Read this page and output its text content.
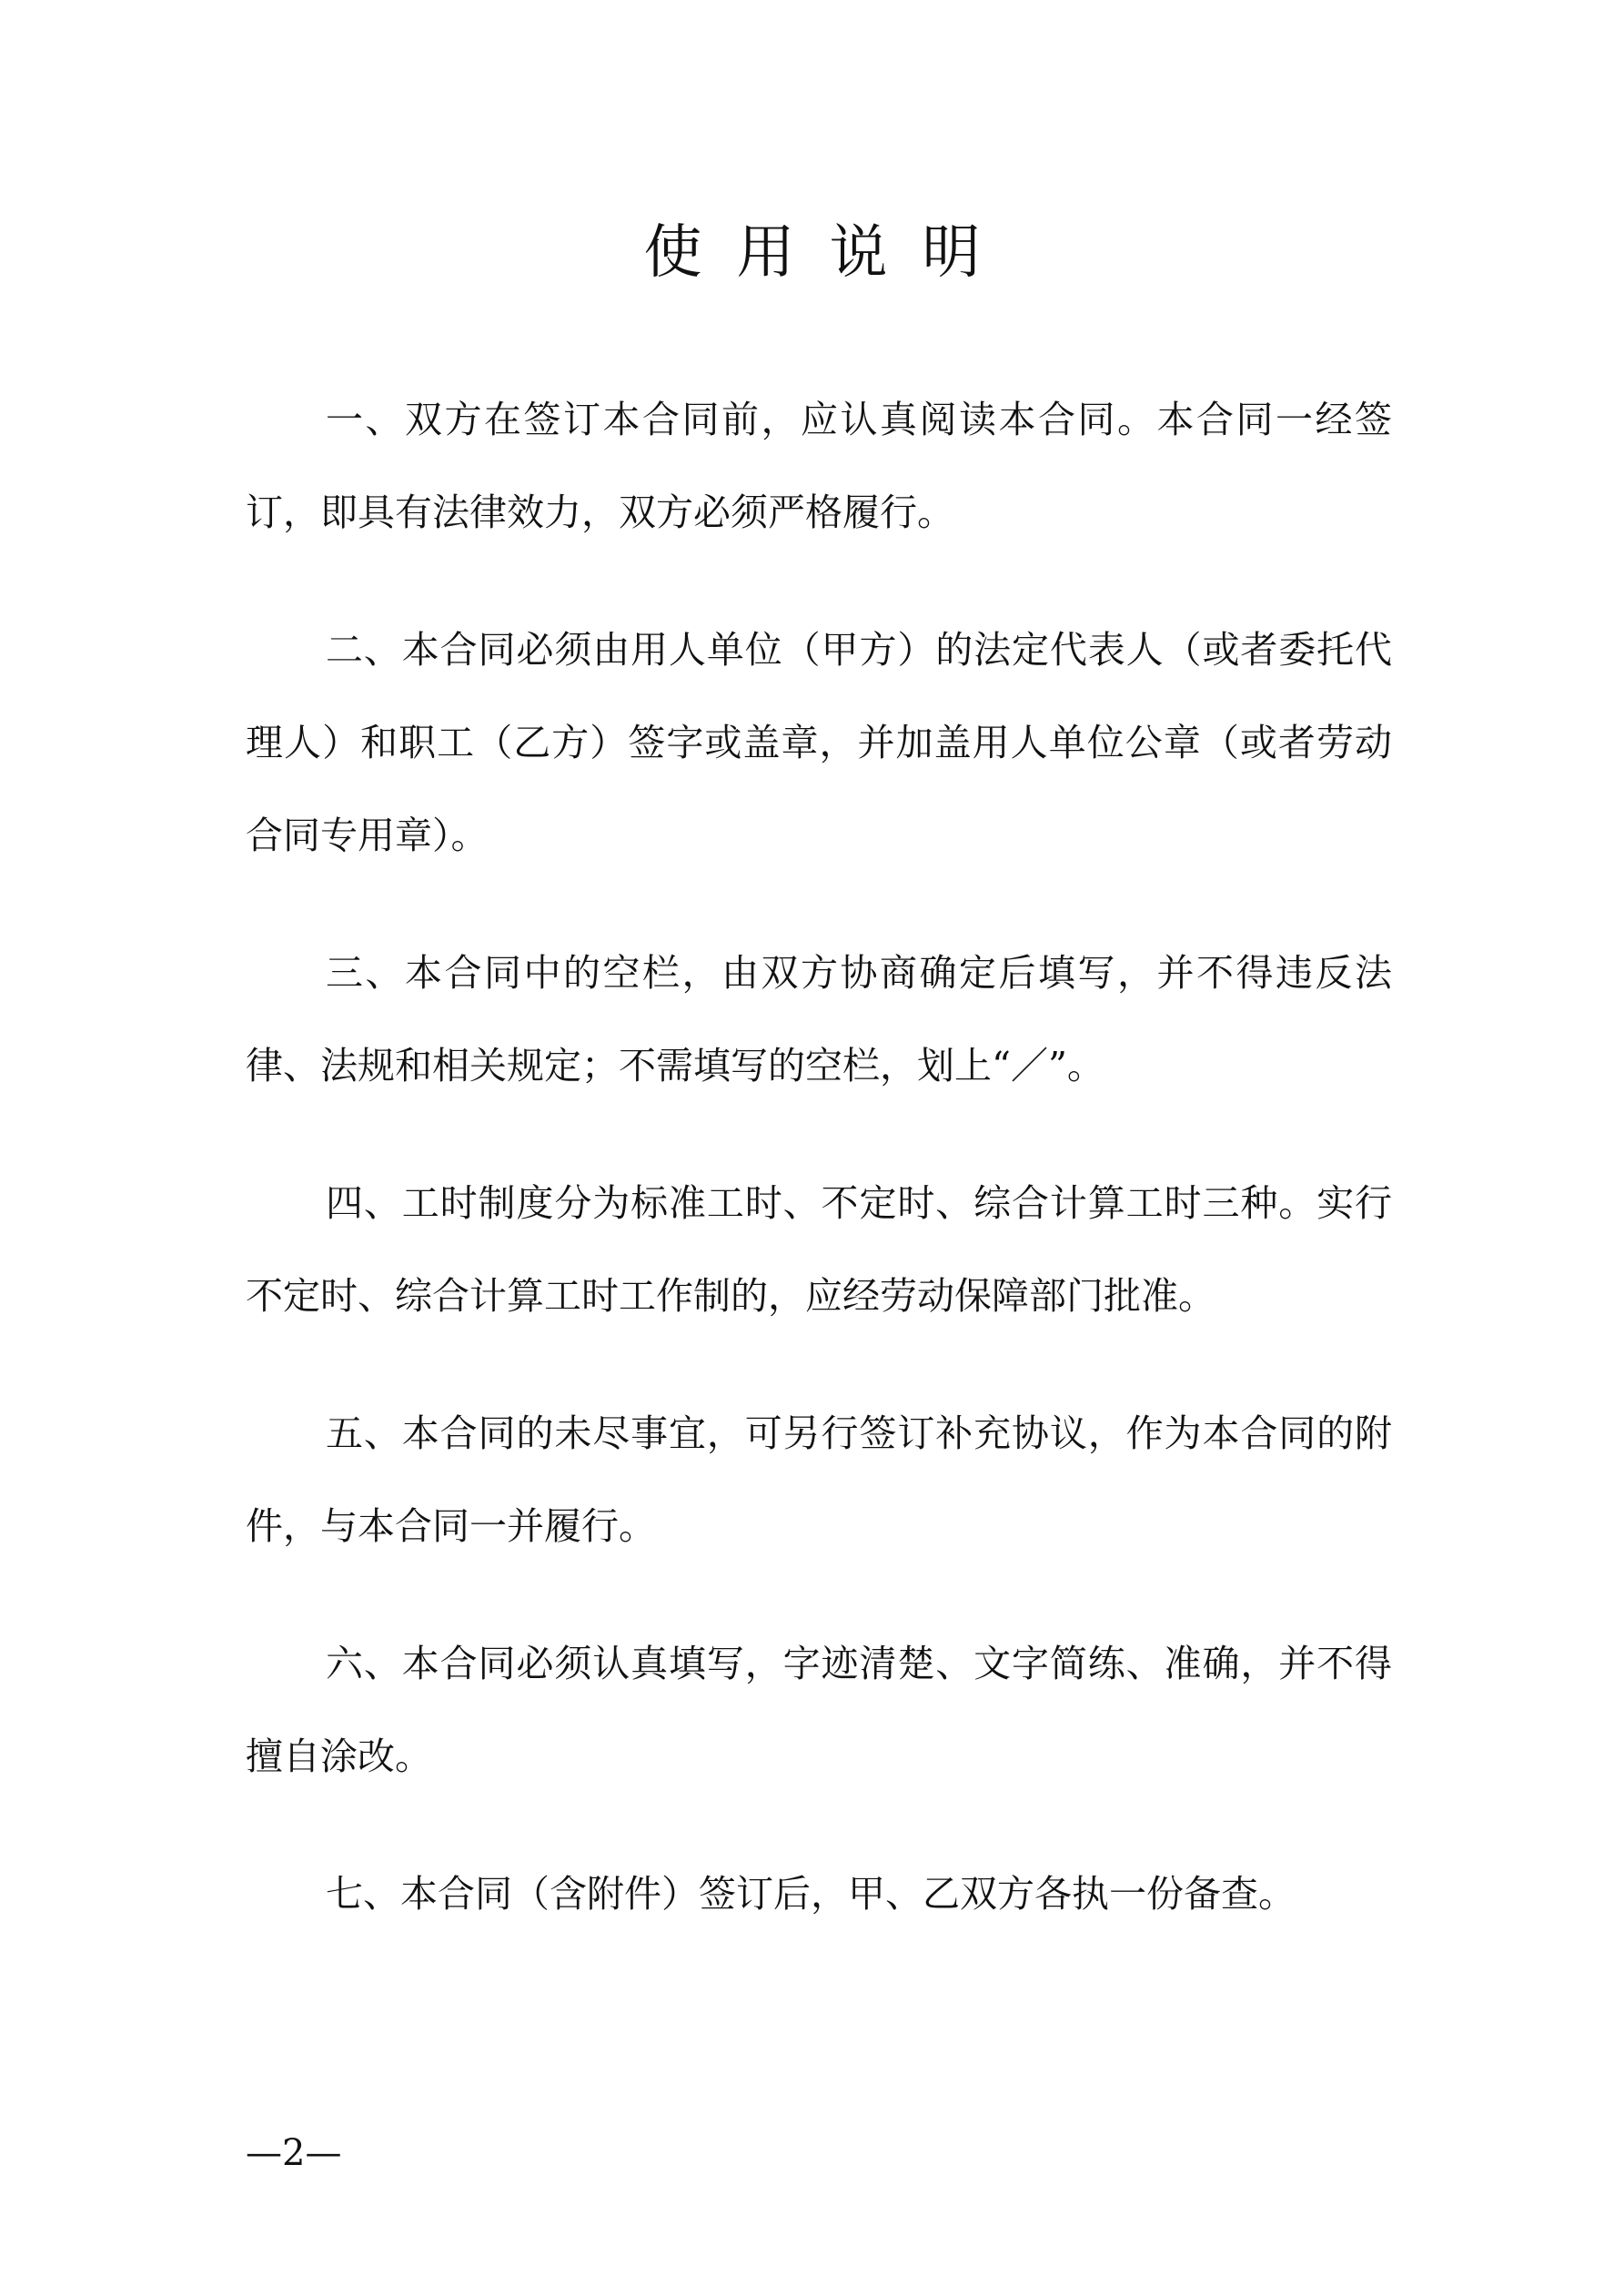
使用说明

一、双方在签订本合同前，应认真阅读本合同。本合同一经签订，即具有法律效力，双方必须严格履行。

二、本合同必须由用人单位（甲方）的法定代表人（或者委托代理人）和职工（乙方）签字或盖章，并加盖用人单位公章（或者劳动合同专用章）。

三、本合同中的空栏，由双方协商确定后填写，并不得违反法律、法规和相关规定；不需填写的空栏，划上“／”。

四、工时制度分为标准工时、不定时、综合计算工时三种。实行不定时、综合计算工时工作制的，应经劳动保障部门批准。

五、本合同的未尽事宜，可另行签订补充协议，作为本合同的附件，与本合同一并履行。

六、本合同必须认真填写，字迹清楚、文字简练、准确，并不得擅自涂改。

七、本合同（含附件）签订后，甲、乙双方各执一份备查。

—2—
